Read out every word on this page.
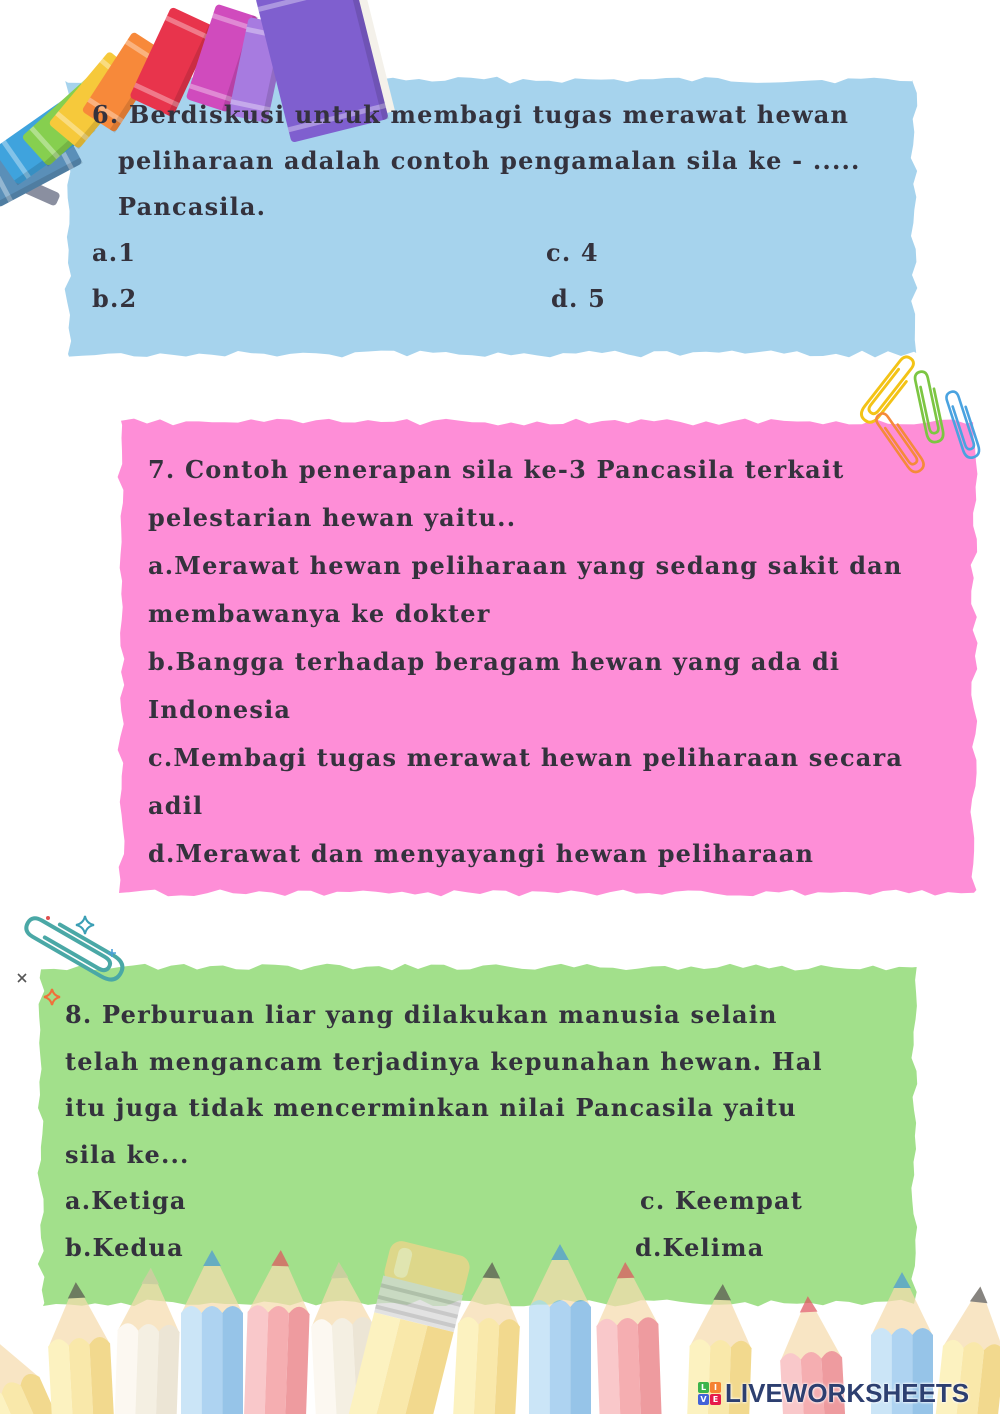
6. Berdiskusi untuk membagi tugas merawat hewan
peliharaan adalah contoh pengamalan sila ke - .....
Pancasila.
a.1	c. 4
b.2	d. 5
7. Contoh penerapan sila ke-3 Pancasila terkait
pelestarian hewan yaitu..
a.Merawat hewan peliharaan yang sedang sakit dan
membawanya ke dokter
b.Bangga terhadap beragam hewan yang ada di
Indonesia
c.Membagi tugas merawat hewan peliharaan secara
adil
d.Merawat dan menyayangi hewan peliharaan
8. Perburuan liar yang dilakukan manusia selain
telah mengancam terjadinya kepunahan hewan. Hal
itu juga tidak mencerminkan nilai Pancasila yaitu
sila ke...
a.Ketiga	c. Keempat
b.Kedua	d.Kelima
L I
V E LIVEWORKSHEETS
